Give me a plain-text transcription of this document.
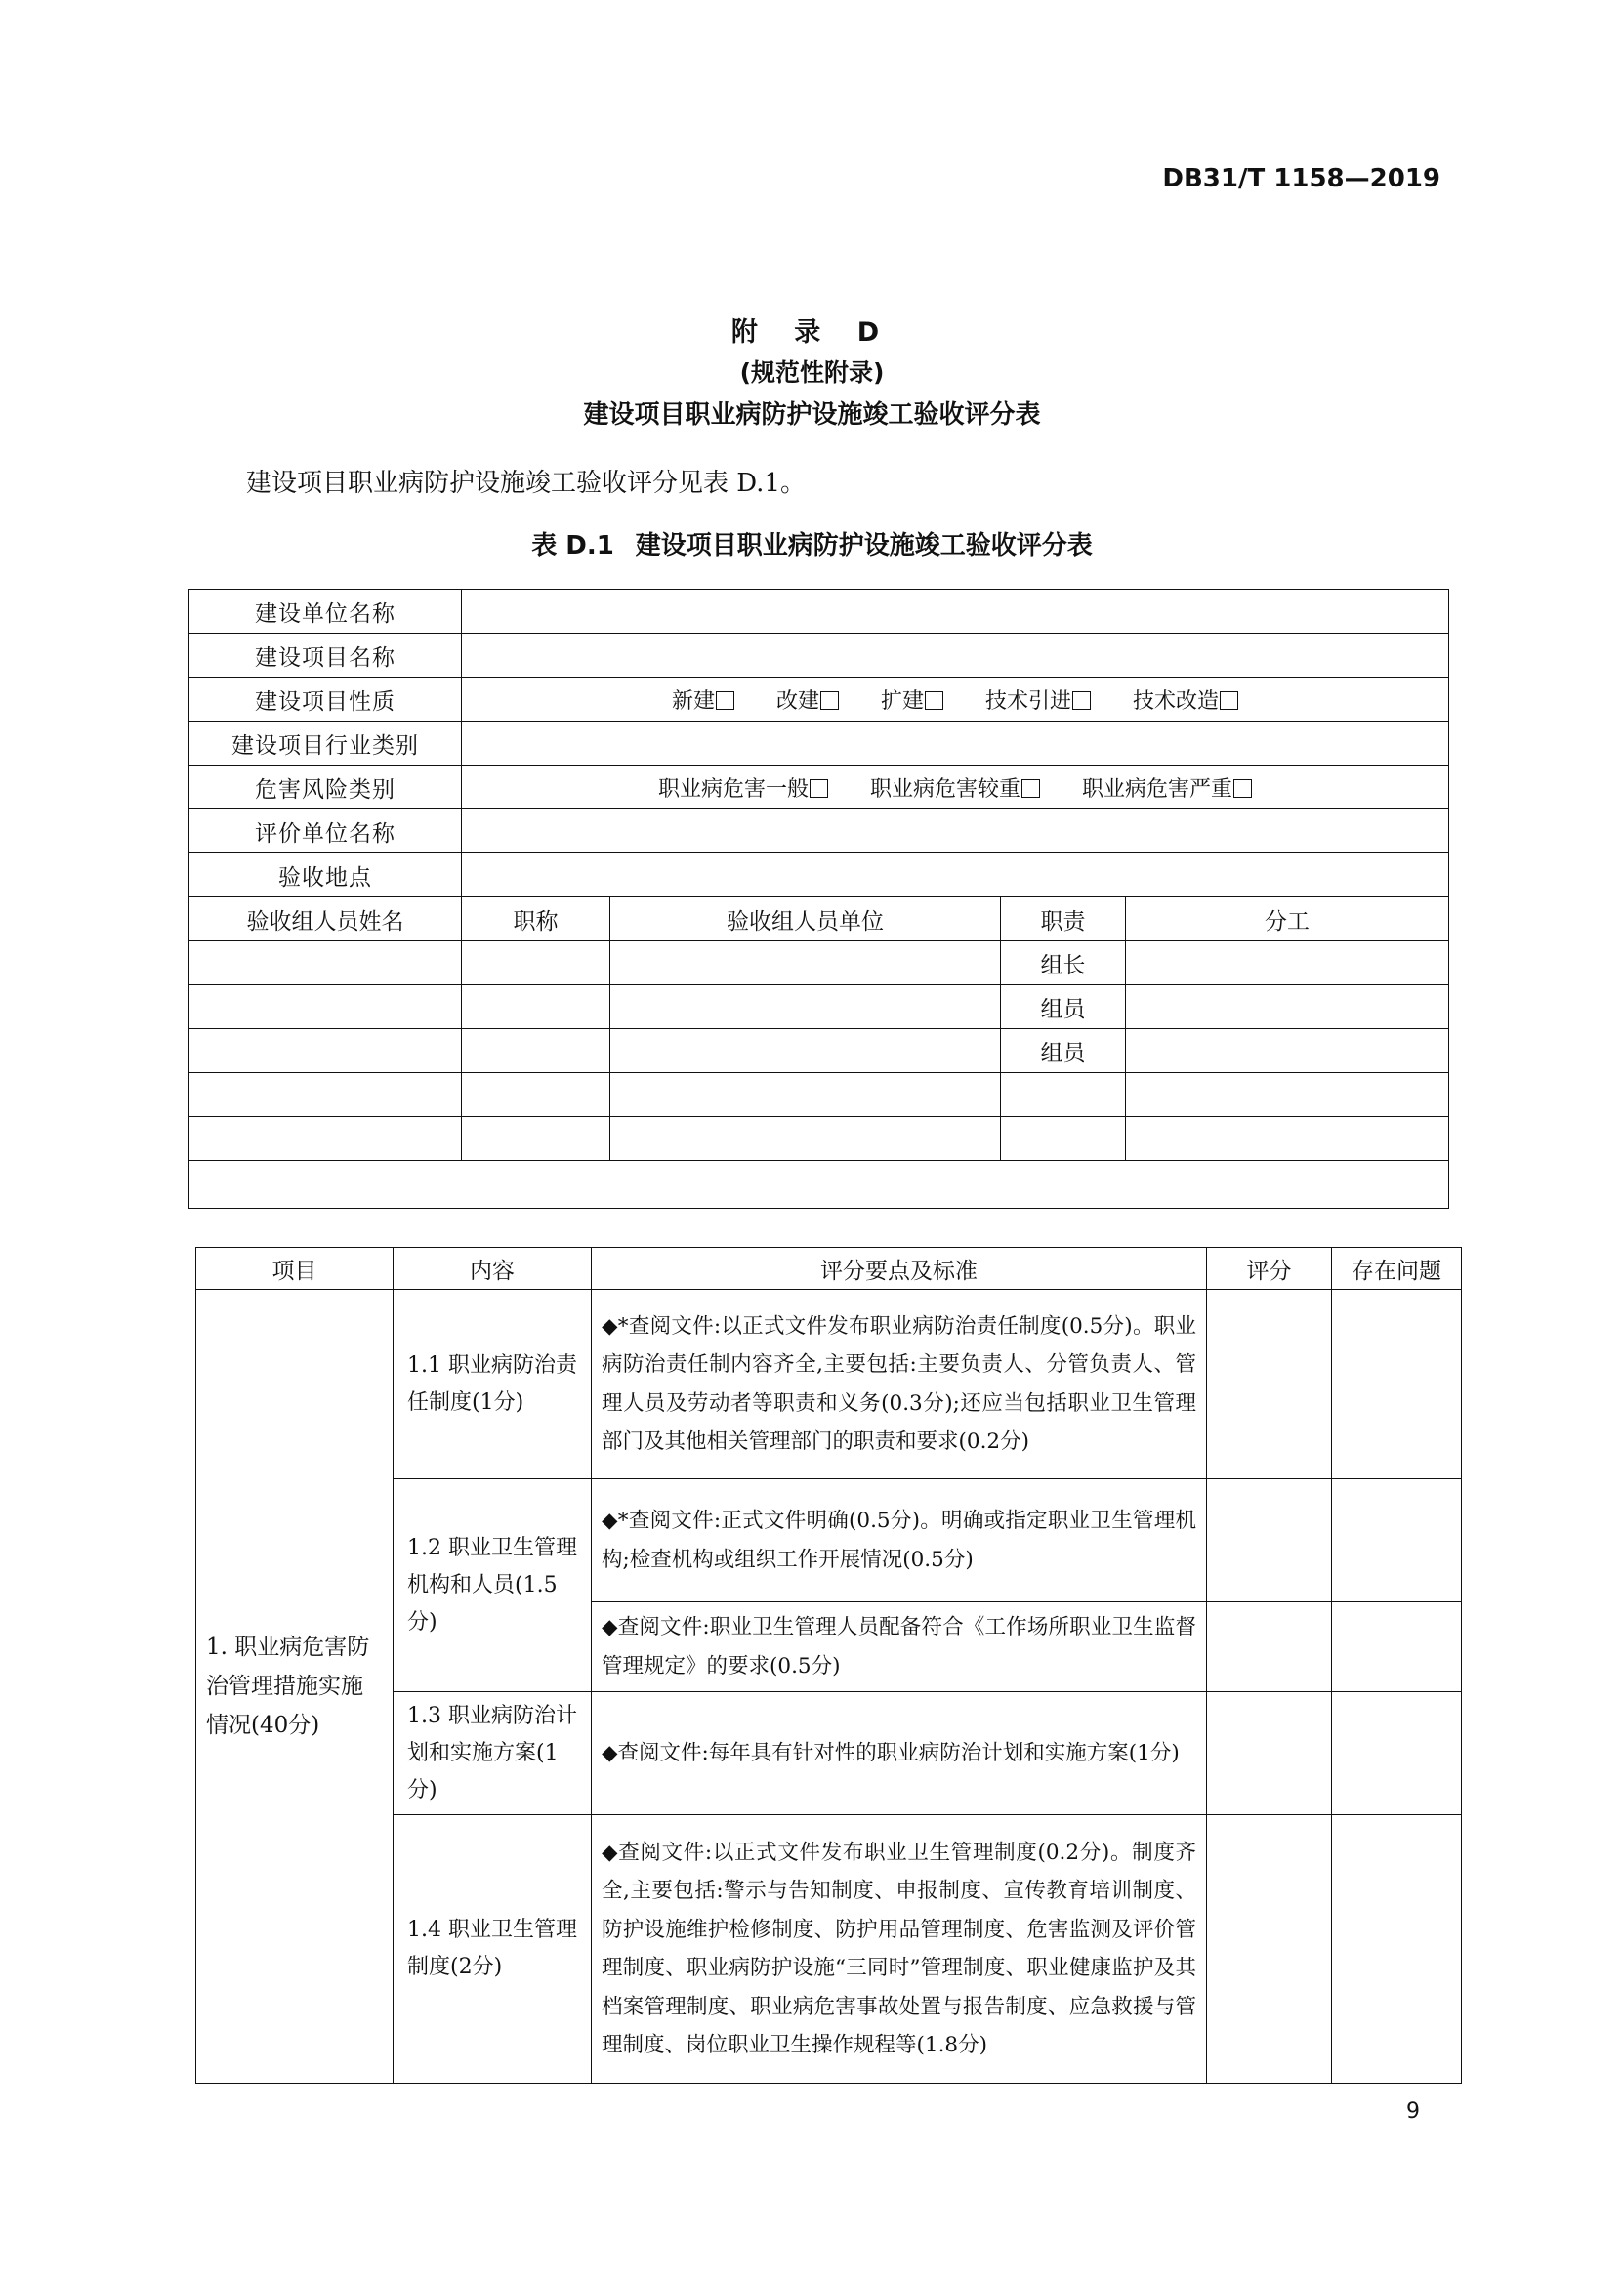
DB31/T 1158—2019
附 录 D
(规范性附录)
建设项目职业病防护设施竣工验收评分表
建设项目职业病防护设施竣工验收评分见表 D.1。
表 D.1 建设项目职业病防护设施竣工验收评分表
建设单位名称				
建设项目名称				
建设项目性质	新建 改建 扩建 技术引进 技术改造			
建设项目行业类别				
危害风险类别	职业病危害一般 职业病危害较重 职业病危害严重			
评价单位名称				
验收地点				
验收组人员姓名	职称	验收组人员单位	职责	分工
			组长	
			组员	
			组员	

项目	内容	评分要点及标准	评分	存在问题
1. 职业病危害防治管理措施实施情况(40分)	1.1 职业病防治责任制度(1分)	◆*查阅文件:以正式文件发布职业病防治责任制度(0.5分)。职业病防治责任制内容齐全,主要包括:主要负责人、分管负责人、管理人员及劳动者等职责和义务(0.3分);还应当包括职业卫生管理部门及其他相关管理部门的职责和要求(0.2分)		
	1.2 职业卫生管理机构和人员(1.5分)	◆*查阅文件:正式文件明确(0.5分)。明确或指定职业卫生管理机构;检查机构或组织工作开展情况(0.5分)		
		◆查阅文件:职业卫生管理人员配备符合《工作场所职业卫生监督管理规定》的要求(0.5分)		
	1.3 职业病防治计划和实施方案(1分)	◆查阅文件:每年具有针对性的职业病防治计划和实施方案(1分)		
	1.4 职业卫生管理制度(2分)	◆查阅文件:以正式文件发布职业卫生管理制度(0.2分)。制度齐全,主要包括:警示与告知制度、申报制度、宣传教育培训制度、防护设施维护检修制度、防护用品管理制度、危害监测及评价管理制度、职业病防护设施“三同时”管理制度、职业健康监护及其档案管理制度、职业病危害事故处置与报告制度、应急救援与管理制度、岗位职业卫生操作规程等(1.8分)		
9
